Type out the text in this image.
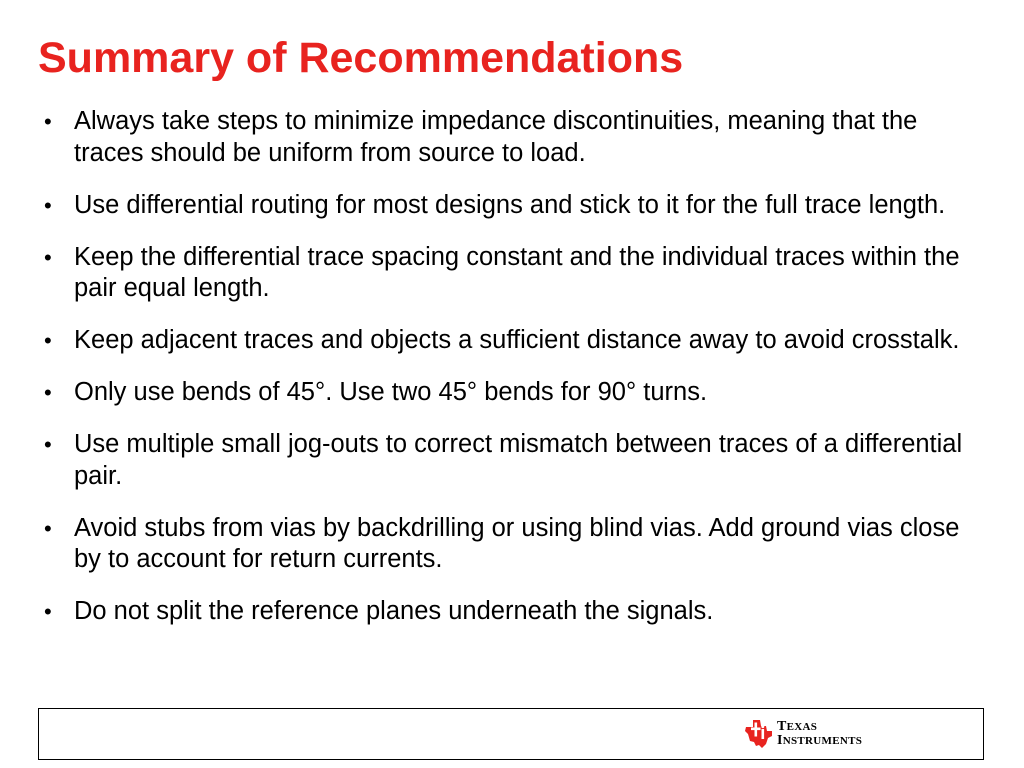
Summary of Recommendations
• Always take steps to minimize impedance discontinuities, meaning that the traces should be uniform from source to load.
• Use differential routing for most designs and stick to it for the full trace length.
• Keep the differential trace spacing constant and the individual traces within the pair equal length.
• Keep adjacent traces and objects a sufficient distance away to avoid crosstalk.
• Only use bends of 45°. Use two 45° bends for 90° turns.
• Use multiple small jog-outs to correct mismatch between traces of a differential pair.
• Avoid stubs from vias by backdrilling or using blind vias. Add ground vias close by to account for return currents.
• Do not split the reference planes underneath the signals.
TEXAS
INSTRUMENTS
